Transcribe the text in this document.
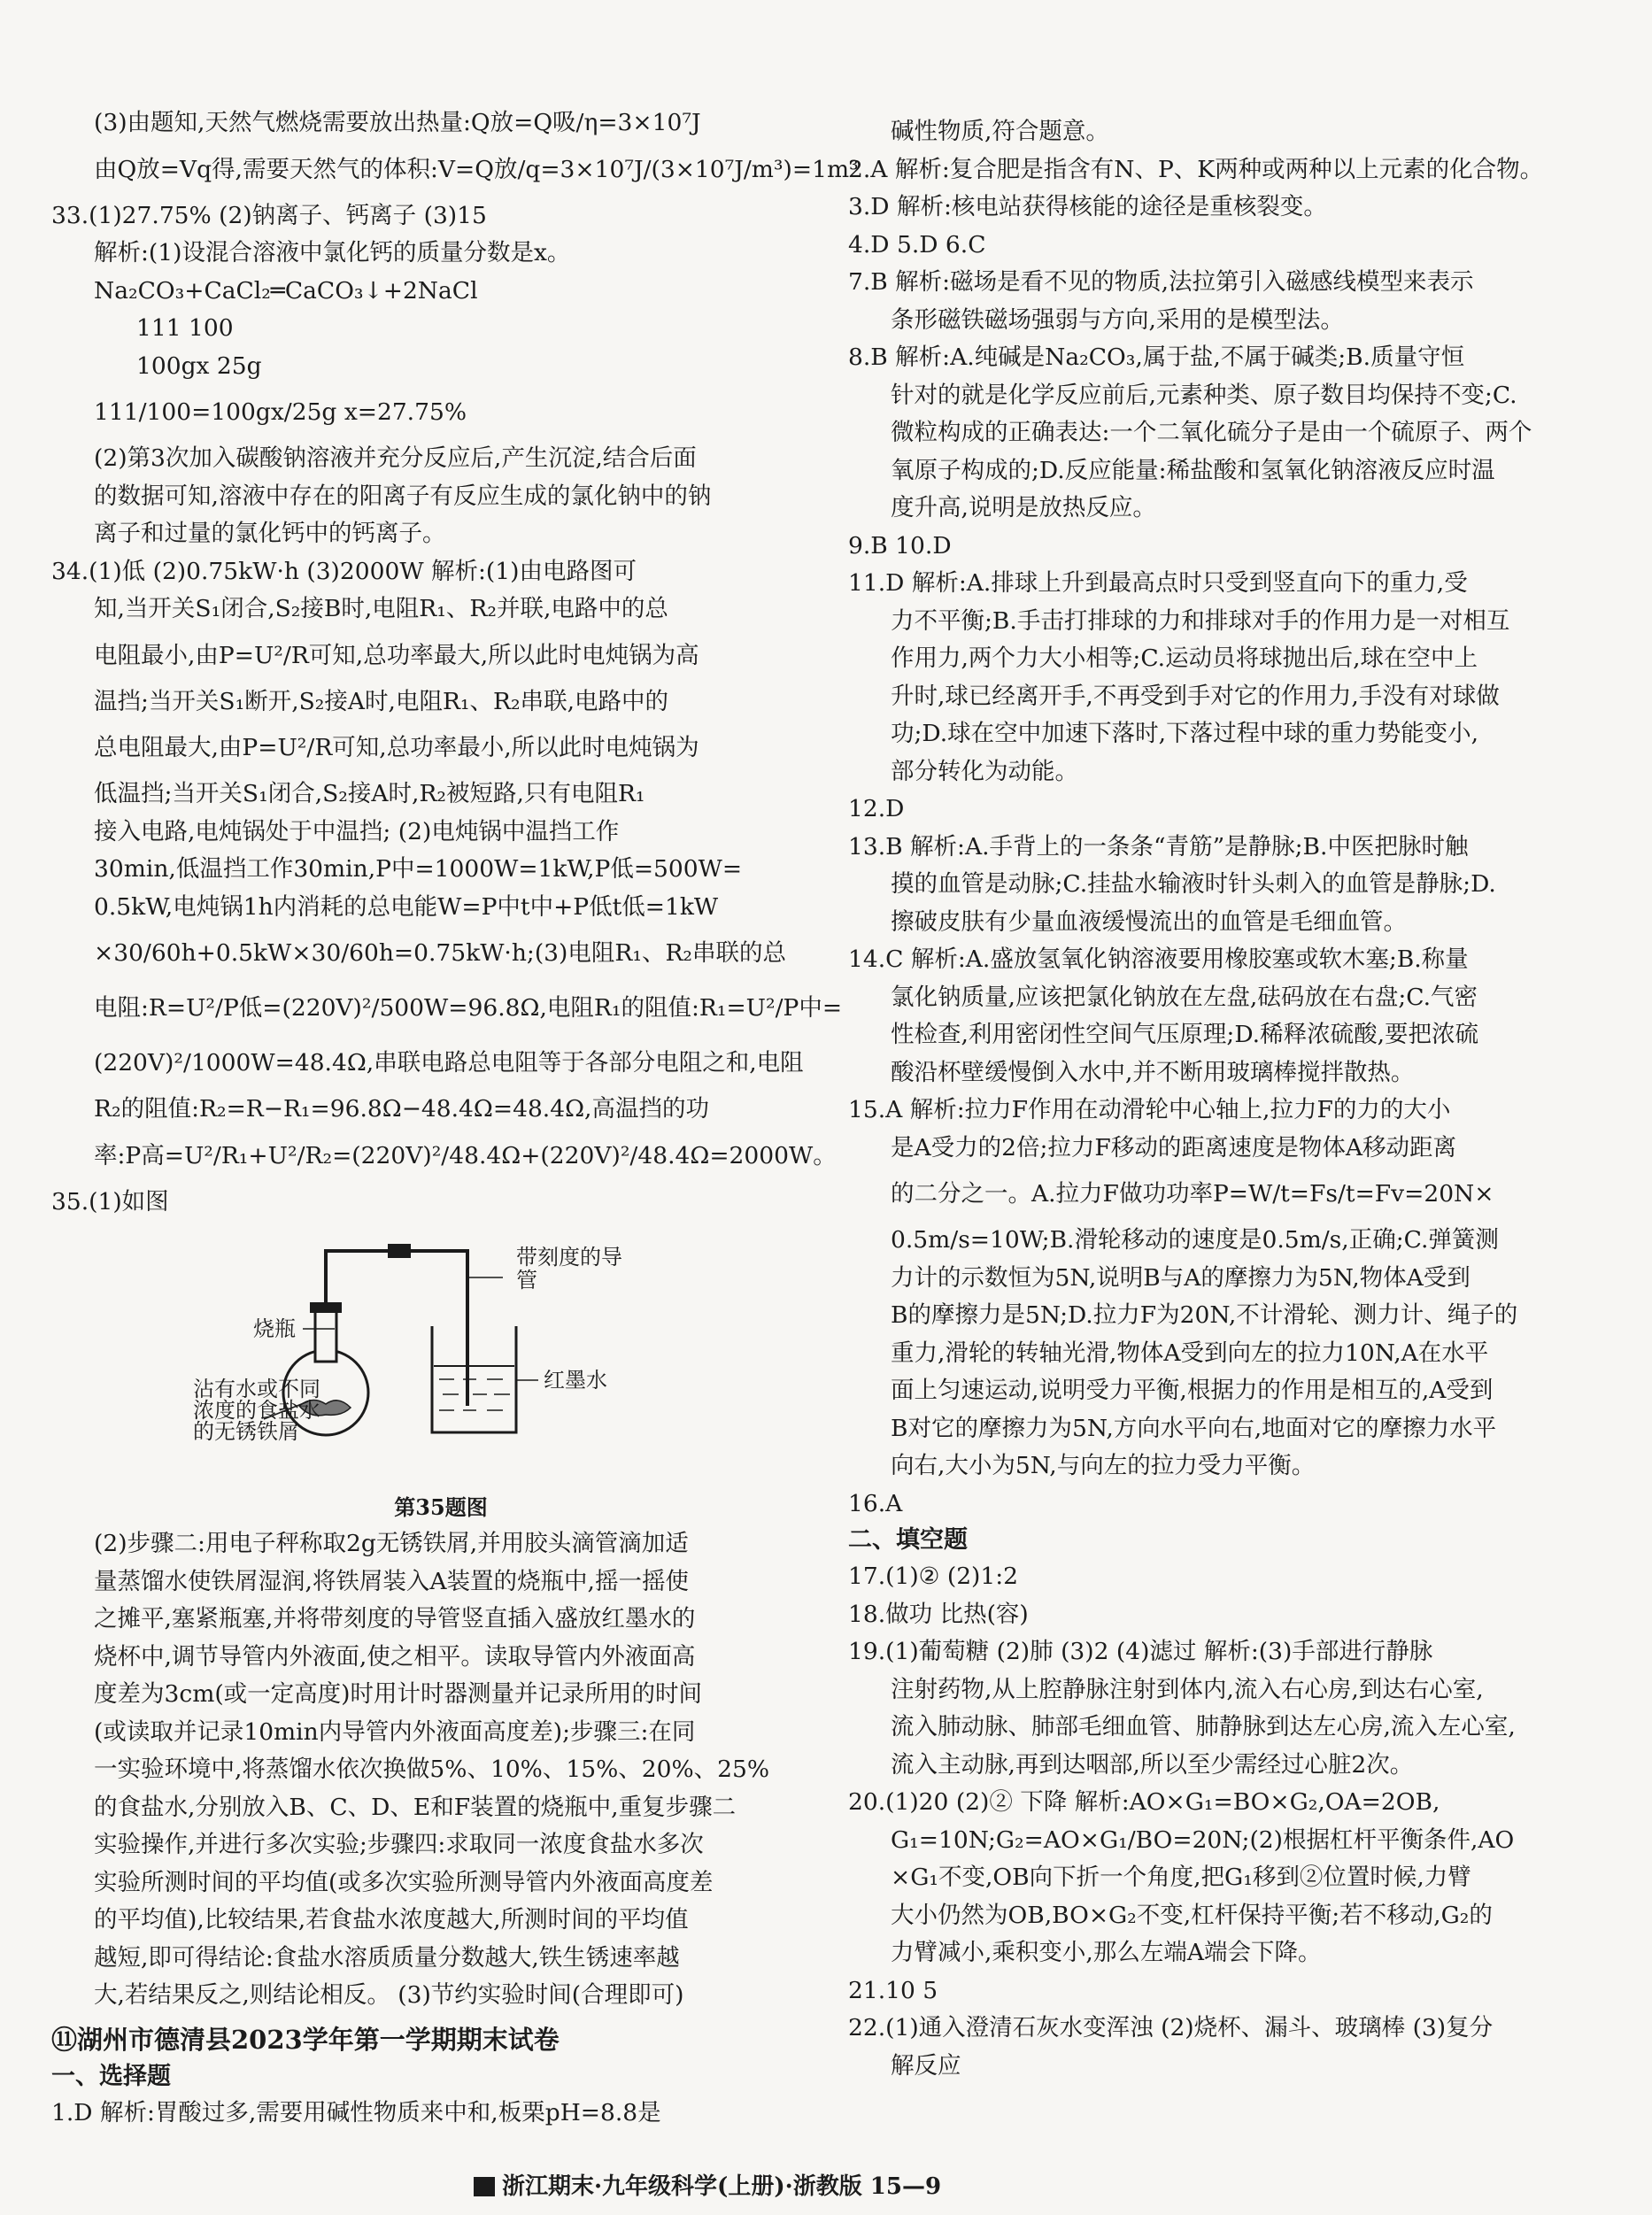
(3)由题知,天然气燃烧需要放出热量:Q放=Q吸/η=3×10⁷J
由Q放=Vq得,需要天然气的体积:V=Q放/q=3×10⁷J/(3×10⁷J/m³)=1m³
33.(1)27.75% (2)钠离子、钙离子 (3)15
解析:(1)设混合溶液中氯化钙的质量分数是x。
Na₂CO₃+CaCl₂═CaCO₃↓+2NaCl
111 100
100gx 25g
111/100=100gx/25g x=27.75%
(2)第3次加入碳酸钠溶液并充分反应后,产生沉淀,结合后面
的数据可知,溶液中存在的阳离子有反应生成的氯化钠中的钠
离子和过量的氯化钙中的钙离子。
34.(1)低 (2)0.75kW·h (3)2000W 解析:(1)由电路图可
知,当开关S₁闭合,S₂接B时,电阻R₁、R₂并联,电路中的总
电阻最小,由P=U²/R可知,总功率最大,所以此时电炖锅为高
温挡;当开关S₁断开,S₂接A时,电阻R₁、R₂串联,电路中的
总电阻最大,由P=U²/R可知,总功率最小,所以此时电炖锅为
低温挡;当开关S₁闭合,S₂接A时,R₂被短路,只有电阻R₁
接入电路,电炖锅处于中温挡; (2)电炖锅中温挡工作
30min,低温挡工作30min,P中=1000W=1kW,P低=500W=
0.5kW,电炖锅1h内消耗的总电能W=P中t中+P低t低=1kW
×30/60h+0.5kW×30/60h=0.75kW·h;(3)电阻R₁、R₂串联的总
电阻:R=U²/P低=(220V)²/500W=96.8Ω,电阻R₁的阻值:R₁=U²/P中=
(220V)²/1000W=48.4Ω,串联电路总电阻等于各部分电阻之和,电阻
R₂的阻值:R₂=R−R₁=96.8Ω−48.4Ω=48.4Ω,高温挡的功
率:P高=U²/R₁+U²/R₂=(220V)²/48.4Ω+(220V)²/48.4Ω=2000W。
35.(1)如图
带刻度的导管
烧瓶
沾有水或不同浓度的食盐水的无锈铁屑
红墨水
第35题图
(2)步骤二:用电子秤称取2g无锈铁屑,并用胶头滴管滴加适
量蒸馏水使铁屑湿润,将铁屑装入A装置的烧瓶中,摇一摇使
之摊平,塞紧瓶塞,并将带刻度的导管竖直插入盛放红墨水的
烧杯中,调节导管内外液面,使之相平。读取导管内外液面高
度差为3cm(或一定高度)时用计时器测量并记录所用的时间
(或读取并记录10min内导管内外液面高度差);步骤三:在同
一实验环境中,将蒸馏水依次换做5%、10%、15%、20%、25%
的食盐水,分别放入B、C、D、E和F装置的烧瓶中,重复步骤二
实验操作,并进行多次实验;步骤四:求取同一浓度食盐水多次
实验所测时间的平均值(或多次实验所测导管内外液面高度差
的平均值),比较结果,若食盐水浓度越大,所测时间的平均值
越短,即可得结论:食盐水溶质质量分数越大,铁生锈速率越
大,若结果反之,则结论相反。 (3)节约实验时间(合理即可)
⑪湖州市德清县2023学年第一学期期末试卷
一、选择题
1.D 解析:胃酸过多,需要用碱性物质来中和,板栗pH=8.8是
碱性物质,符合题意。
2.A 解析:复合肥是指含有N、P、K两种或两种以上元素的化合物。
3.D 解析:核电站获得核能的途径是重核裂变。
4.D 5.D 6.C
7.B 解析:磁场是看不见的物质,法拉第引入磁感线模型来表示
条形磁铁磁场强弱与方向,采用的是模型法。
8.B 解析:A.纯碱是Na₂CO₃,属于盐,不属于碱类;B.质量守恒
针对的就是化学反应前后,元素种类、原子数目均保持不变;C.
微粒构成的正确表达:一个二氧化硫分子是由一个硫原子、两个
氧原子构成的;D.反应能量:稀盐酸和氢氧化钠溶液反应时温
度升高,说明是放热反应。
9.B 10.D
11.D 解析:A.排球上升到最高点时只受到竖直向下的重力,受
力不平衡;B.手击打排球的力和排球对手的作用力是一对相互
作用力,两个力大小相等;C.运动员将球抛出后,球在空中上
升时,球已经离开手,不再受到手对它的作用力,手没有对球做
功;D.球在空中加速下落时,下落过程中球的重力势能变小,
部分转化为动能。
12.D
13.B 解析:A.手背上的一条条“青筋”是静脉;B.中医把脉时触
摸的血管是动脉;C.挂盐水输液时针头刺入的血管是静脉;D.
擦破皮肤有少量血液缓慢流出的血管是毛细血管。
14.C 解析:A.盛放氢氧化钠溶液要用橡胶塞或软木塞;B.称量
氯化钠质量,应该把氯化钠放在左盘,砝码放在右盘;C.气密
性检查,利用密闭性空间气压原理;D.稀释浓硫酸,要把浓硫
酸沿杯壁缓慢倒入水中,并不断用玻璃棒搅拌散热。
15.A 解析:拉力F作用在动滑轮中心轴上,拉力F的力的大小
是A受力的2倍;拉力F移动的距离速度是物体A移动距离
的二分之一。A.拉力F做功功率P=W/t=Fs/t=Fv=20N×
0.5m/s=10W;B.滑轮移动的速度是0.5m/s,正确;C.弹簧测
力计的示数恒为5N,说明B与A的摩擦力为5N,物体A受到
B的摩擦力是5N;D.拉力F为20N,不计滑轮、测力计、绳子的
重力,滑轮的转轴光滑,物体A受到向左的拉力10N,A在水平
面上匀速运动,说明受力平衡,根据力的作用是相互的,A受到
B对它的摩擦力为5N,方向水平向右,地面对它的摩擦力水平
向右,大小为5N,与向左的拉力受力平衡。
16.A
二、填空题
17.(1)② (2)1:2
18.做功 比热(容)
19.(1)葡萄糖 (2)肺 (3)2 (4)滤过 解析:(3)手部进行静脉
注射药物,从上腔静脉注射到体内,流入右心房,到达右心室,
流入肺动脉、肺部毛细血管、肺静脉到达左心房,流入左心室,
流入主动脉,再到达咽部,所以至少需经过心脏2次。
20.(1)20 (2)② 下降 解析:AO×G₁=BO×G₂,OA=2OB,
G₁=10N;G₂=AO×G₁/BO=20N;(2)根据杠杆平衡条件,AO
×G₁不变,OB向下折一个角度,把G₁移到②位置时候,力臂
大小仍然为OB,BO×G₂不变,杠杆保持平衡;若不移动,G₂的
力臂减小,乘积变小,那么左端A端会下降。
21.10 5
22.(1)通入澄清石灰水变浑浊 (2)烧杯、漏斗、玻璃棒 (3)复分
解反应
浙江期末·九年级科学(上册)·浙教版 15—9
